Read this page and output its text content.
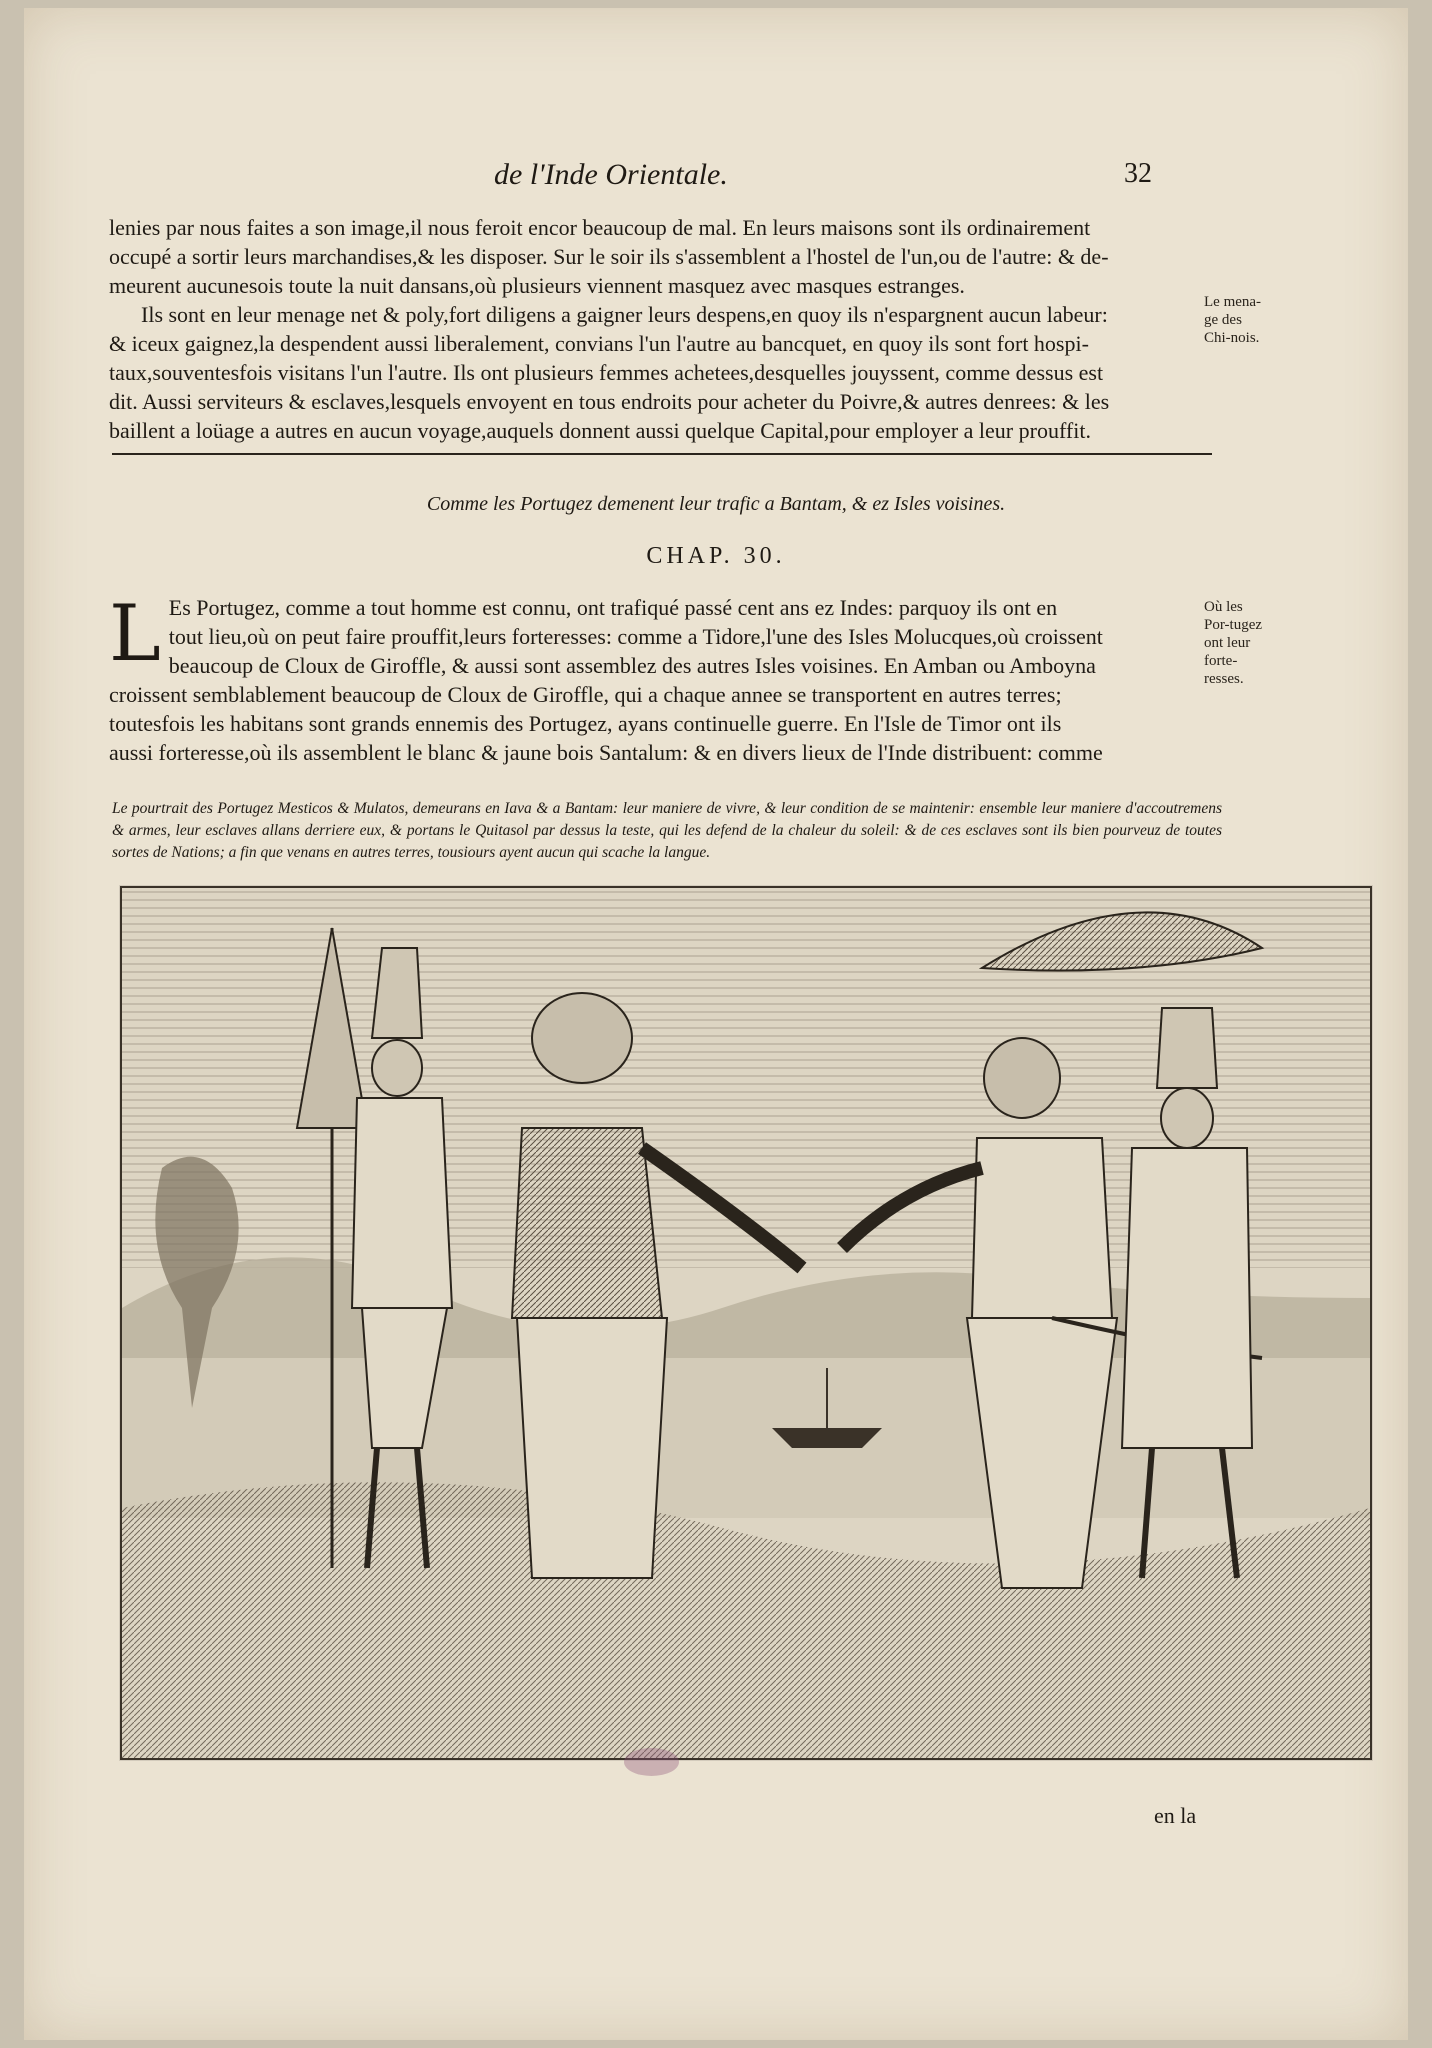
de l'Inde Orientale.	32

lenies par nous faites a son image,il nous feroit encor beaucoup de mal. En leurs maisons sont ils ordinairement

occupé a sortir leurs marchandises,& les disposer. Sur le soir ils s'assemblent a l'hostel de l'un,ou de l'autre: & de-

meurent aucunesois toute la nuit dansans,où plusieurs viennent masquez avec masques estranges.

Ils sont en leur menage net & poly,fort diligens a gaigner leurs despens,en quoy ils n'espargnent aucun labeur:

& iceux gaignez,la despendent aussi liberalement, convians l'un l'autre au bancquet, en quoy ils sont fort hospi-

taux,souventesfois visitans l'un l'autre. Ils ont plusieurs femmes achetees,desquelles jouyssent, comme dessus est

dit. Aussi serviteurs & esclaves,lesquels envoyent en tous endroits pour acheter du Poivre,& autres denrees: & les

baillent a loüage a autres en aucun voyage,auquels donnent aussi quelque Capital,pour employer a leur prouffit.

Le mena-ge des Chi-nois.
Comme les Portugez demenent leur trafic a Bantam, & ez Isles voisines.
CHAP. 30.
L Es Portugez, comme a tout homme est connu, ont trafiqué passé cent ans ez Indes: parquoy ils ont en

tout lieu,où on peut faire prouffit,leurs forteresses: comme a Tidore,l'une des Isles Molucques,où croissent

beaucoup de Cloux de Giroffle, & aussi sont assemblez des autres Isles voisines. En Amban ou Amboyna

croissent semblablement beaucoup de Cloux de Giroffle, qui a chaque annee se transportent en autres terres;

toutesfois les habitans sont grands ennemis des Portugez, ayans continuelle guerre. En l'Isle de Timor ont ils

aussi forteresse,où ils assemblent le blanc & jaune bois Santalum: & en divers lieux de l'Inde distribuent: comme

Où les Por-tugez ont leur forte-resses.
Le pourtrait des Portugez Mesticos & Mulatos, demeurans en Iava & a Bantam: leur maniere de vivre, & leur condition de se maintenir: ensemble leur maniere d'accoutremens & armes, leur esclaves allans derriere eux, & portans le Quitasol par dessus la teste, qui les defend de la chaleur du soleil: & de ces esclaves sont ils bien pourveuz de toutes sortes de Nations; a fin que venans en autres terres, tousiours ayent aucun qui scache la langue.
en la
